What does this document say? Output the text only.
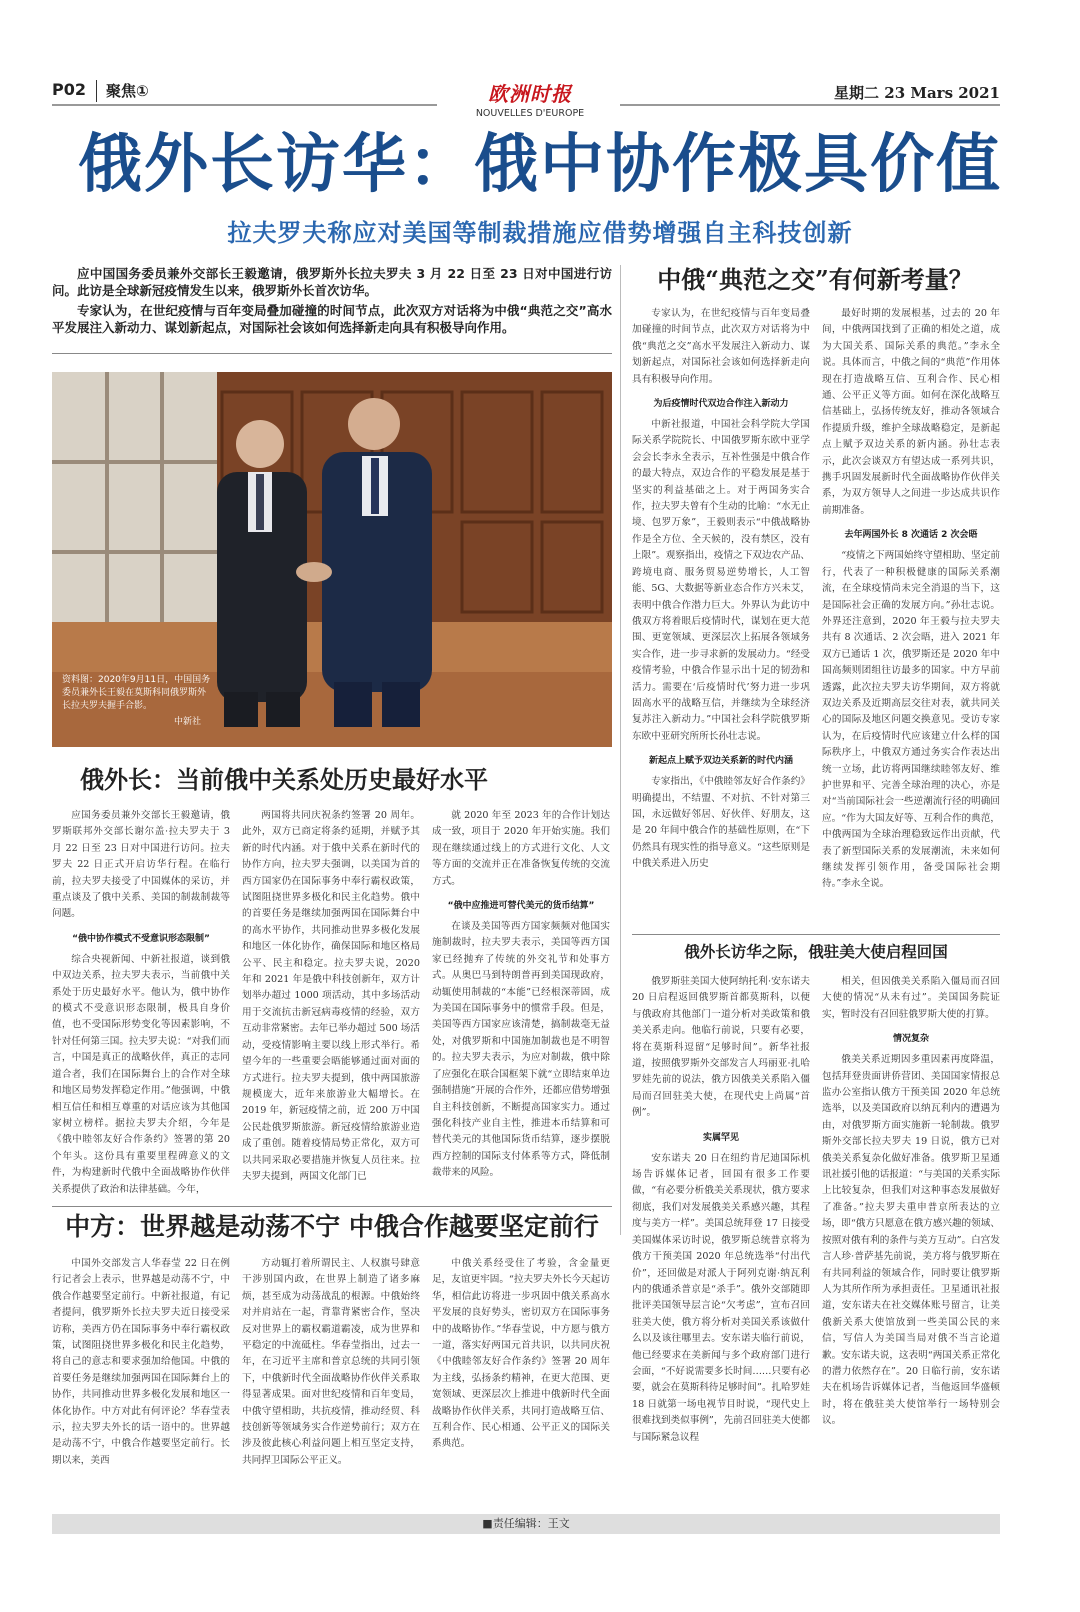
P02 聚焦①	欧洲时报
NOUVELLES D'EUROPE
星期二 23 Mars 2021
俄外长访华：俄中协作极具价值
拉夫罗夫称应对美国等制裁措施应借势增强自主科技创新

应中国国务委员兼外交部长王毅邀请，俄罗斯外长拉夫罗夫 3 月 22 日至 23 日对中国进行访问。此访是全球新冠疫情发生以来，俄罗斯外长首次访华。

专家认为，在世纪疫情与百年变局叠加碰撞的时间节点，此次双方对话将为中俄“典范之交”高水平发展注入新动力、谋划新起点，对国际社会该如何选择新走向具有积极导向作用。

资料图：2020年9月11日，中国国务委员兼外长王毅在莫斯科同俄罗斯外长拉夫罗夫握手合影。
中新社
俄外长：当前俄中关系处历史最好水平
应国务委员兼外交部长王毅邀请，俄罗斯联邦外交部长谢尔盖·拉夫罗夫于 3 月 22 日至 23 日对中国进行访问。拉夫罗夫 22 日正式开启访华行程。在临行前，拉夫罗夫接受了中国媒体的采访，并重点谈及了俄中关系、美国的制裁制裁等问题。
“俄中协作模式不受意识形态限制”
综合央视新闻、中新社报道，谈到俄中双边关系，拉夫罗夫表示，当前俄中关系处于历史最好水平。他认为，俄中协作的模式不受意识形态限制，极具自身价值，也不受国际形势变化等因素影响，不针对任何第三国。拉夫罗夫说：“对我们而言，中国是真正的战略伙伴，真正的志同道合者，我们在国际舞台上的合作对全球和地区局势发挥稳定作用。”他强调，中俄相互信任和相互尊重的对话应该为其他国家树立榜样。据拉夫罗夫介绍，今年是《俄中睦邻友好合作条约》签署的第 20 个年头。这份具有重要里程碑意义的文件，为构建新时代俄中全面战略协作伙伴关系提供了政治和法律基础。今年，
两国将共同庆祝条约签署 20 周年。此外，双方已商定将条约延期，并赋予其新的时代内涵。对于俄中关系在新时代的协作方向，拉夫罗夫强调，以美国为首的西方国家仍在国际事务中奉行霸权政策，试图阻挠世界多极化和民主化趋势。俄中的首要任务是继续加强两国在国际舞台中的高水平协作，共同推动世界多极化发展和地区一体化协作，确保国际和地区格局公平、民主和稳定。拉夫罗夫说，2020 年和 2021 年是俄中科技创新年，双方计划举办超过 1000 项活动，其中多场活动用于交流抗击新冠病毒疫情的经验，双方互动非常紧密。去年已举办超过 500 场活动，受疫情影响主要以线上形式举行。希望今年的一些重要会晤能够通过面对面的方式进行。拉夫罗夫提到，俄中两国旅游规模庞大，近年来旅游业大幅增长。在 2019 年，新冠疫情之前，近 200 万中国公民赴俄罗斯旅游。新冠疫情给旅游业造成了重创。随着疫情局势正常化，双方可以共同采取必要措施并恢复人员往来。拉夫罗夫提到，两国文化部门已
就 2020 年至 2023 年的合作计划达成一致，项目于 2020 年开始实施。我们现在继续通过线上的方式进行文化、人文等方面的交流并正在准备恢复传统的交流方式。
“俄中应推进可替代美元的货币结算”
在谈及美国等西方国家频频对他国实施制裁时，拉夫罗夫表示，美国等西方国家已经抛弃了传统的外交礼节和处事方式。从奥巴马到特朗普再到美国现政府，动辄使用制裁的“本能”已经根深蒂固，成为美国在国际事务中的惯常手段。但是，美国等西方国家应该清楚，搞制裁毫无益处，对俄罗斯和中国施加制裁也是不明智的。拉夫罗夫表示，为应对制裁，俄中除了应强化在联合国框架下就“立即结束单边强制措施”开展的合作外，还都应借势增强自主科技创新，不断提高国家实力。通过强化科技产业自主性，推进本币结算和可替代美元的其他国际货币结算，逐步摆脱西方控制的国际支付体系等方式，降低制裁带来的风险。
中俄“典范之交”有何新考量？
专家认为，在世纪疫情与百年变局叠加碰撞的时间节点，此次双方对话将为中俄“典范之交”高水平发展注入新动力、谋划新起点，对国际社会该如何选择新走向具有积极导向作用。
为后疫情时代双边合作注入新动力
中新社报道，中国社会科学院大学国际关系学院院长、中国俄罗斯东欧中亚学会会长李永全表示，互补性强是中俄合作的最大特点，双边合作的平稳发展是基于坚实的利益基础之上。对于两国务实合作，拉夫罗夫曾有个生动的比喻：“水无止境、包罗万象”，王毅则表示“中俄战略协作是全方位、全天候的，没有禁区，没有上限”。观察指出，疫情之下双边农产品、跨境电商、服务贸易逆势增长，人工智能、5G、大数据等新业态合作方兴未艾，表明中俄合作潜力巨大。外界认为此访中俄双方将着眼后疫情时代，谋划在更大范围、更宽领域、更深层次上拓展各领域务实合作，进一步寻求新的发展动力。“经受疫情考验，中俄合作显示出十足的韧劲和活力。需要在‘后疫情时代’努力进一步巩固高水平的战略互信，并继续为全球经济复苏注入新动力。”中国社会科学院俄罗斯东欧中亚研究所所长孙壮志说。
新起点上赋予双边关系新的时代内涵
专家指出，《中俄睦邻友好合作条约》明确提出，不结盟、不对抗、不针对第三国，永远做好邻居、好伙伴、好朋友，这是 20 年间中俄合作的基础性原则，在“下仍然具有现实性的指导意义。“这些原则是中俄关系进入历史
最好时期的发展根基，过去的 20 年间，中俄两国找到了正确的相处之道，成为大国关系、国际关系的典范。”李永全说。具体而言，中俄之间的“典范”作用体现在打造战略互信、互利合作、民心相通、公平正义等方面。如何在深化战略互信基础上，弘扬传统友好，推动各领域合作提质升级，维护全球战略稳定，是新起点上赋予双边关系的新内涵。孙壮志表示，此次会谈双方有望达成一系列共识，携手巩固发展新时代全面战略协作伙伴关系，为双方领导人之间进一步达成共识作前期准备。
去年两国外长 8 次通话 2 次会晤
“疫情之下两国始终守望相助、坚定前行，代表了一种积极健康的国际关系潮流，在全球疫情尚未完全消退的当下，这是国际社会正确的发展方向。”孙壮志说。外界还注意到，2020 年王毅与拉夫罗夫共有 8 次通话、2 次会晤，进入 2021 年双方已通话 1 次，俄罗斯还是 2020 年中国高频则团组往访最多的国家。中方早前透露，此次拉夫罗夫访华期间，双方将就双边关系及近期高层交往对表，就共同关心的国际及地区问题交换意见。受访专家认为，在后疫情时代应该建立什么样的国际秩序上，中俄双方通过务实合作表达出统一立场，此访将两国继续睦邻友好、维护世界和平、完善全球治理的决心，亦是对“当前国际社会一些逆潮流行径的明确回应。“作为大国友好等、互利合作的典范，中俄两国为全球治理稳致远作出贡献，代表了新型国际关系的发展潮流，未来如何继续发挥引领作用，备受国际社会期待。”李永全说。
俄外长访华之际，俄驻美大使启程回国
俄罗斯驻美国大使阿纳托利·安东诺夫 20 日启程返回俄罗斯首都莫斯科，以便与俄政府其他部门一道分析对美政策和俄美关系走向。他临行前说，只要有必要，将在莫斯科逗留“足够时间”。新华社报道，按照俄罗斯外交部发言人玛丽亚·扎哈罗娃先前的说法，俄方因俄美关系陷入僵局而召回驻美大使，在现代史上尚属“首例”。
实属罕见
安东诺夫 20 日在纽约肯尼迪国际机场告诉媒体记者，回国有很多工作要做，“有必要分析俄美关系现状，俄方要求彻底，我们对发展俄美关系感兴趣，其程度与美方一样”。美国总统拜登 17 日接受美国媒体采访时说，俄罗斯总统普京将为俄方干预美国 2020 年总统选举“付出代价”，还回做是对派人于阿列克谢·纳瓦利内的俄通杀普京是“杀手”。俄外交部随即批评美国领导层言论“欠考虑”，宣布召回驻美大使，俄方将分析对美国关系该做什么以及该往哪里去。安东诺夫临行前说，他已经要求在美新闻与多个政府部门进行会面，“不好说需要多长时间……只要有必要，就会在莫斯科待足够时间”。扎哈罗娃 18 日就第一场电视节目时说，“现代史上很难找到类似事例”，先前召回驻美大使都与国际紧急议程
相关，但因俄美关系陷入僵局而召回大使的情况“从未有过”。美国国务院证实，暂时没有召回驻俄罗斯大使的打算。
情况复杂
俄美关系近期因多重因素再度降温，包括拜登贵面讲侨营团、美国国家情报总监办公室指认俄方干预美国 2020 年总统选举，以及美国政府以纳瓦利内的遭遇为由，对俄罗斯方面实施新一轮制裁。俄罗斯外交部长拉夫罗夫 19 日说，俄方已对俄美关系复杂化做好准备。俄罗斯卫星通讯社援引他的话报道：“与美国的关系实际上比较复杂，但我们对这种事态发展做好了准备。”拉夫罗夫重申普京所表达的立场，即“俄方只愿意在俄方感兴趣的领域、按照对俄有利的条件与美方互动”。白宫发言人珍·普萨基先前说，美方将与俄罗斯在有共同利益的领域合作，同时要让俄罗斯人为其所作所为承担责任。卫星通讯社报道，安东诺夫在社交媒体账号留言，让美俄新关系大使馆放到一些美国公民的来信，写信人为美国当局对俄不当言论道歉。安东诺夫说，这表明“两国关系正常化的潜力依然存在”。20 日临行前，安东诺夫在机场告诉媒体记者，当他返回华盛顿时，将在俄驻美大使馆举行一场特别会议。
中方：世界越是动荡不宁 中俄合作越要坚定前行
中国外交部发言人华春莹 22 日在例行记者会上表示，世界越是动荡不宁，中俄合作越要坚定前行。中新社报道，有记者提问，俄罗斯外长拉夫罗夫近日接受采访称，美西方仍在国际事务中奉行霸权政策，试图阻挠世界多极化和民主化趋势，将自己的意志和要求强加给他国。中俄的首要任务是继续加强两国在国际舞台上的协作，共同推动世界多极化发展和地区一体化协作。中方对此有何评论？华春莹表示，拉夫罗夫外长的话一语中的。世界越是动荡不宁，中俄合作越要坚定前行。长期以来，美西
方动辄打着所谓民主、人权旗号肆意干涉别国内政，在世界上制造了诸多麻烦，甚至成为动荡战乱的根源。中俄始终对并肩站在一起，背靠背紧密合作，坚决反对世界上的霸权霸道霸凌，成为世界和平稳定的中流砥柱。华春莹指出，过去一年，在习近平主席和普京总统的共同引领下，中俄新时代全面战略协作伙伴关系取得显著成果。面对世纪疫情和百年变局，中俄守望相助，共抗疫情，推动经贸、科技创新等领域务实合作逆势前行；双方在涉及彼此核心利益问题上相互坚定支持，共同捍卫国际公平正义。
中俄关系经受住了考验，含金量更足，友谊更牢固。“拉夫罗夫外长今天起访华，相信此访将进一步巩固中俄关系高水平发展的良好势头，密切双方在国际事务中的战略协作。”华春莹说，中方愿与俄方一道，落实好两国元首共识，以共同庆祝《中俄睦邻友好合作条约》签署 20 周年为主线，弘扬条约精神，在更大范围、更宽领域、更深层次上推进中俄新时代全面战略协作伙伴关系，共同打造战略互信、互利合作、民心相通、公平正义的国际关系典范。
■责任编辑：王文
